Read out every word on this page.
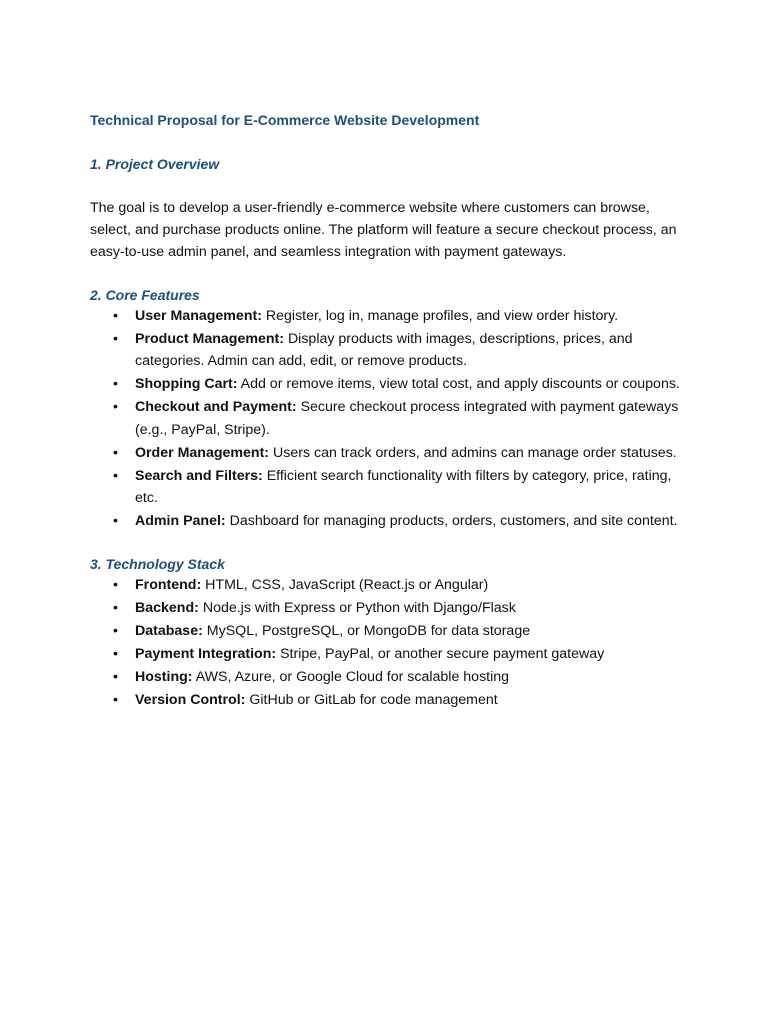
Technical Proposal for E-Commerce Website Development

1. Project Overview

The goal is to develop a user-friendly e-commerce website where customers can browse, select, and purchase products online. The platform will feature a secure checkout process, an easy-to-use admin panel, and seamless integration with payment gateways.

2. Core Features

• User Management: Register, log in, manage profiles, and view order history.
• Product Management: Display products with images, descriptions, prices, and categories. Admin can add, edit, or remove products.
• Shopping Cart: Add or remove items, view total cost, and apply discounts or coupons.
• Checkout and Payment: Secure checkout process integrated with payment gateways (e.g., PayPal, Stripe).
• Order Management: Users can track orders, and admins can manage order statuses.
• Search and Filters: Efficient search functionality with filters by category, price, rating, etc.
• Admin Panel: Dashboard for managing products, orders, customers, and site content.

3. Technology Stack

• Frontend: HTML, CSS, JavaScript (React.js or Angular)
• Backend: Node.js with Express or Python with Django/Flask
• Database: MySQL, PostgreSQL, or MongoDB for data storage
• Payment Integration: Stripe, PayPal, or another secure payment gateway
• Hosting: AWS, Azure, or Google Cloud for scalable hosting
• Version Control: GitHub or GitLab for code management
